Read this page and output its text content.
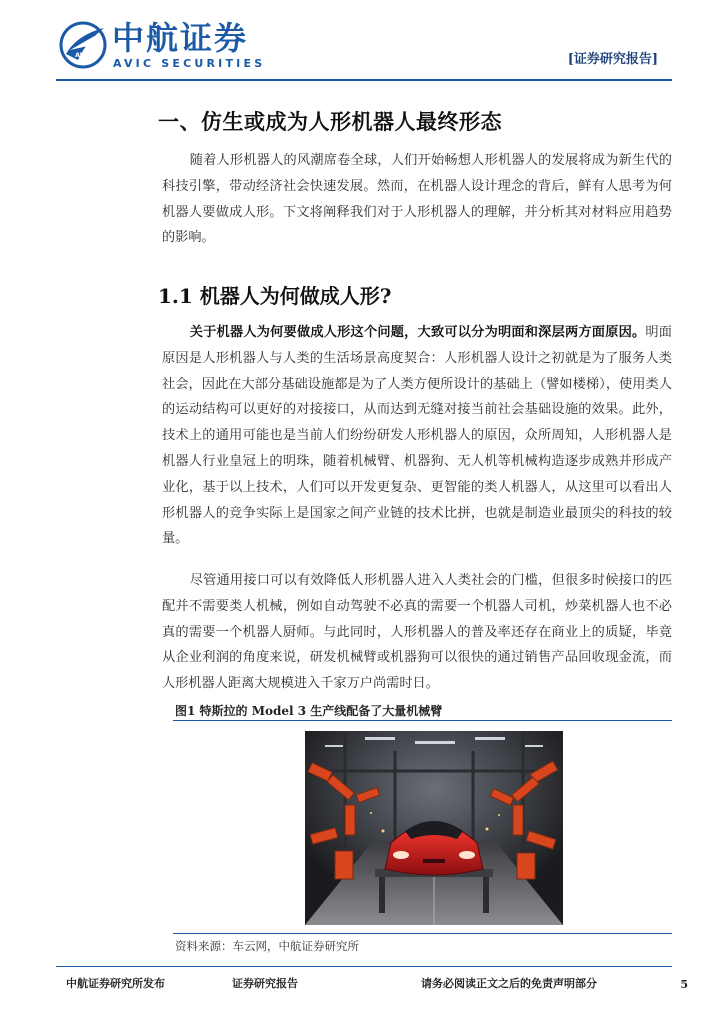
AVIC 中航证券
AVIC SECURITIES	[证券研究报告]
一、仿生或成为人形机器人最终形态

随着人形机器人的风潮席卷全球，人们开始畅想人形机器人的发展将成为新生代的科技引擎，带动经济社会快速发展。然而，在机器人设计理念的背后，鲜有人思考为何机器人要做成人形。下文将阐释我们对于人形机器人的理解，并分析其对材料应用趋势的影响。

1.1 机器人为何做成人形?

关于机器人为何要做成人形这个问题，大致可以分为明面和深层两方面原因。明面原因是人形机器人与人类的生活场景高度契合：人形机器人设计之初就是为了服务人类社会，因此在大部分基础设施都是为了人类方便所设计的基础上（譬如楼梯），使用类人的运动结构可以更好的对接接口，从而达到无缝对接当前社会基础设施的效果。此外，技术上的通用可能也是当前人们纷纷研发人形机器人的原因，众所周知，人形机器人是机器人行业皇冠上的明珠，随着机械臂、机器狗、无人机等机械构造逐步成熟并形成产业化，基于以上技术，人们可以开发更复杂、更智能的类人机器人，从这里可以看出人形机器人的竞争实际上是国家之间产业链的技术比拼，也就是制造业最顶尖的科技的较量。

尽管通用接口可以有效降低人形机器人进入人类社会的门槛，但很多时候接口的匹配并不需要类人机械，例如自动驾驶不必真的需要一个机器人司机，炒菜机器人也不必真的需要一个机器人厨师。与此同时，人形机器人的普及率还存在商业上的质疑，毕竟从企业利润的角度来说，研发机械臂或机器狗可以很快的通过销售产品回收现金流，而人形机器人距离大规模进入千家万户尚需时日。

图1 特斯拉的 Model 3 生产线配备了大量机械臂
资料来源：车云网，中航证券研究所
中航证券研究所发布	证券研究报告	请务必阅读正文之后的免责声明部分	5
